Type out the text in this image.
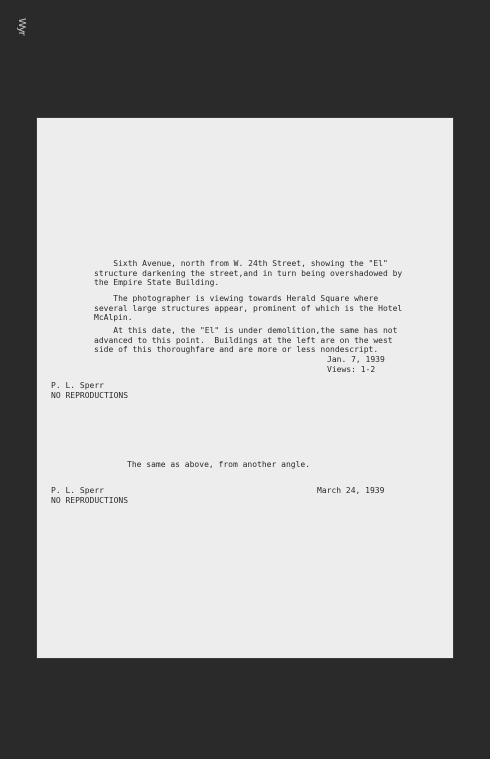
Wyr
Sixth Avenue, north from W. 24th Street, showing the "El"
structure darkening the street,and in turn being overshadowed by
the Empire State Building.
The photographer is viewing towards Herald Square where
several large structures appear, prominent of which is the Hotel
McAlpin.
At this date, the "El" is under demolition,the same has not
advanced to this point.  Buildings at the left are on the west
side of this thoroughfare and are more or less nondescript.
Jan. 7, 1939
Views: 1-2
P. L. Sperr
NO REPRODUCTIONS
The same as above, from another angle.
P. L. Sperr
NO REPRODUCTIONS
March 24, 1939
